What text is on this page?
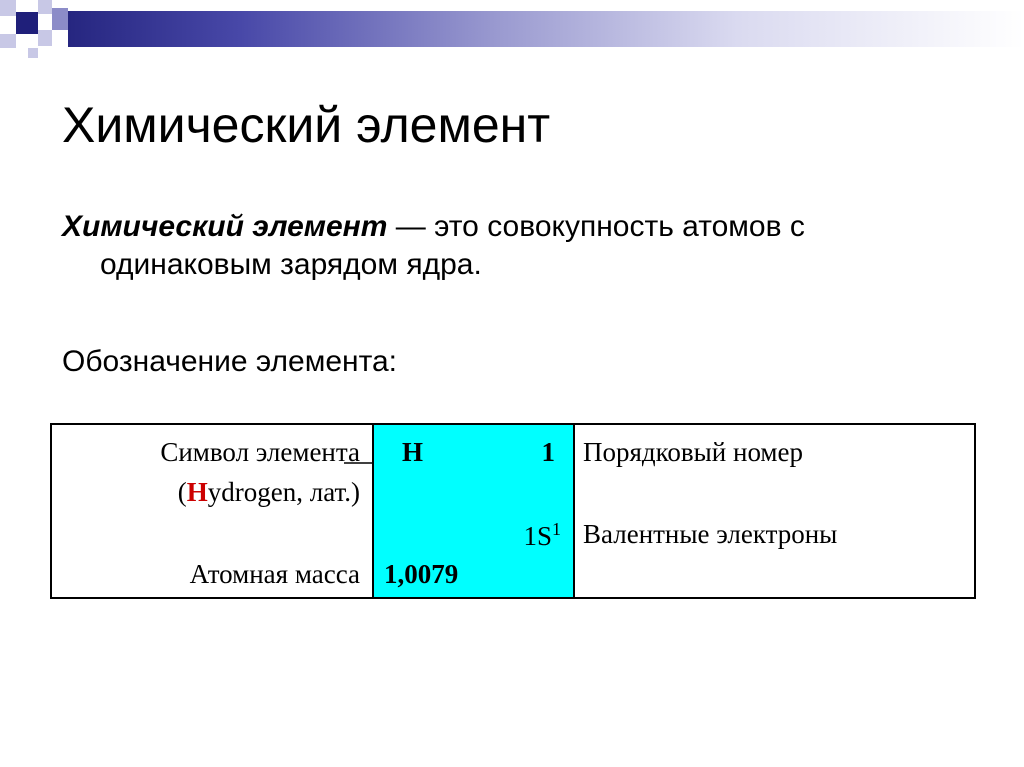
Химический элемент

Химический элемент — это совокупность атомов с
одинаковым зарядом ядра.

Обозначение элемента:

Символ элемента
(Hydrogen, лат.)
Атомная масса
H	1
$1S^1$
1,0079
Порядковый номер
Валентные электроны
